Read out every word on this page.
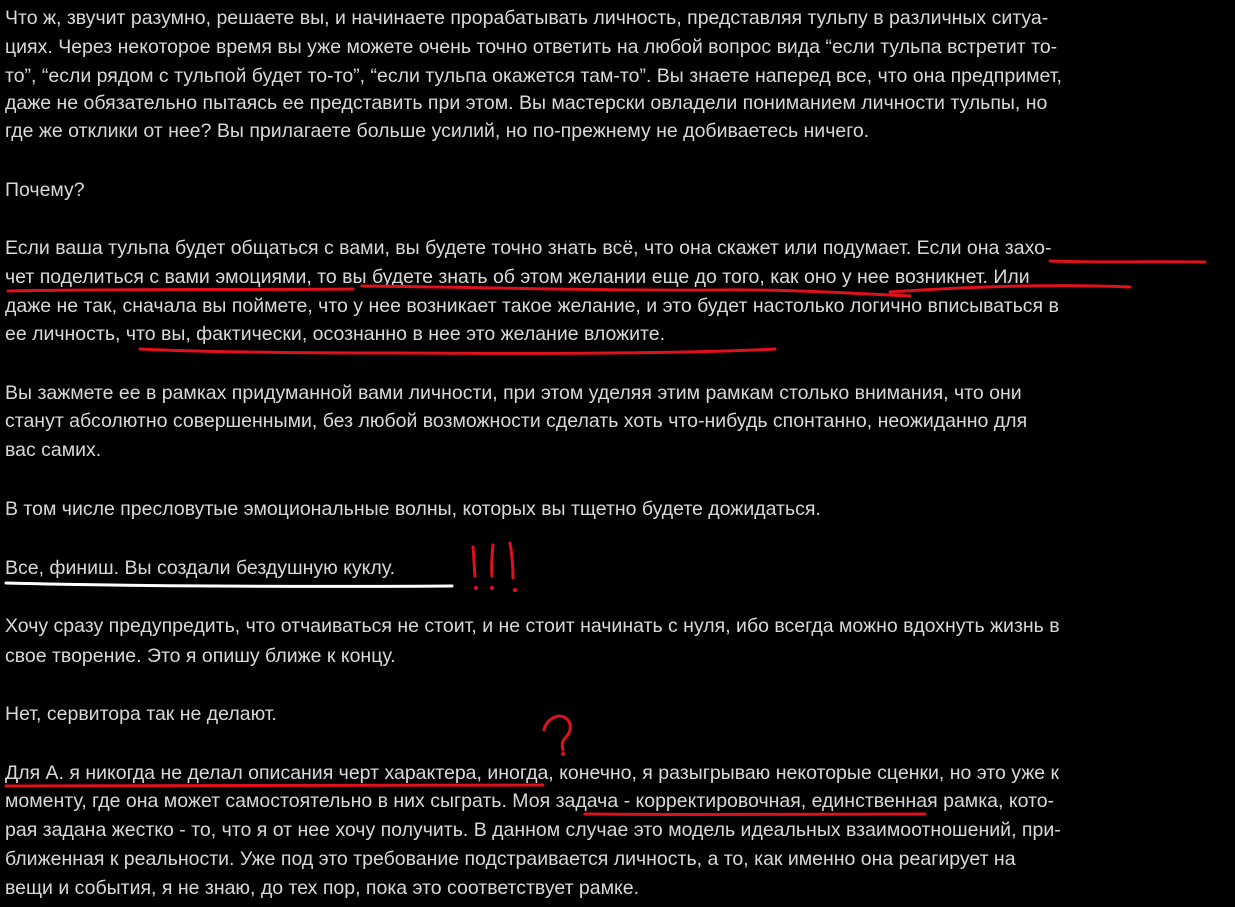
Что ж, звучит разумно, решаете вы, и начинаете прорабатывать личность, представляя тульпу в различных ситуа-
циях. Через некоторое время вы уже можете очень точно ответить на любой вопрос вида “если тульпа встретит то-
то”, “если рядом с тульпой будет то-то”, “если тульпа окажется там-то”. Вы знаете наперед все, что она предпримет,
даже не обязательно пытаясь ее представить при этом. Вы мастерски овладели пониманием личности тульпы, но
где же отклики от нее? Вы прилагаете больше усилий, но по-прежнему не добиваетесь ничего.
Почему?
Если ваша тульпа будет общаться с вами, вы будете точно знать всё, что она скажет или подумает. Если она захо-
чет поделиться с вами эмоциями, то вы будете знать об этом желании еще до того, как оно у нее возникнет. Или
даже не так, сначала вы поймете, что у нее возникает такое желание, и это будет настолько логично вписываться в
ее личность, что вы, фактически, осознанно в нее это желание вложите.
Вы зажмете ее в рамках придуманной вами личности, при этом уделяя этим рамкам столько внимания, что они
станут абсолютно совершенными, без любой возможности сделать хоть что-нибудь спонтанно, неожиданно для
вас самих.
В том числе пресловутые эмоциональные волны, которых вы тщетно будете дожидаться.
Все, финиш. Вы создали бездушную куклу.
Хочу сразу предупредить, что отчаиваться не стоит, и не стоит начинать с нуля, ибо всегда можно вдохнуть жизнь в
свое творение. Это я опишу ближе к концу.
Нет, сервитора так не делают.
Для А. я никогда не делал описания черт характера, иногда, конечно, я разыгрываю некоторые сценки, но это уже к
моменту, где она может самостоятельно в них сыграть. Моя задача - корректировочная, единственная рамка, кото-
рая задана жестко - то, что я от нее хочу получить. В данном случае это модель идеальных взаимоотношений, при-
ближенная к реальности. Уже под это требование подстраивается личность, а то, как именно она реагирует на
вещи и события, я не знаю, до тех пор, пока это соответствует рамке.
